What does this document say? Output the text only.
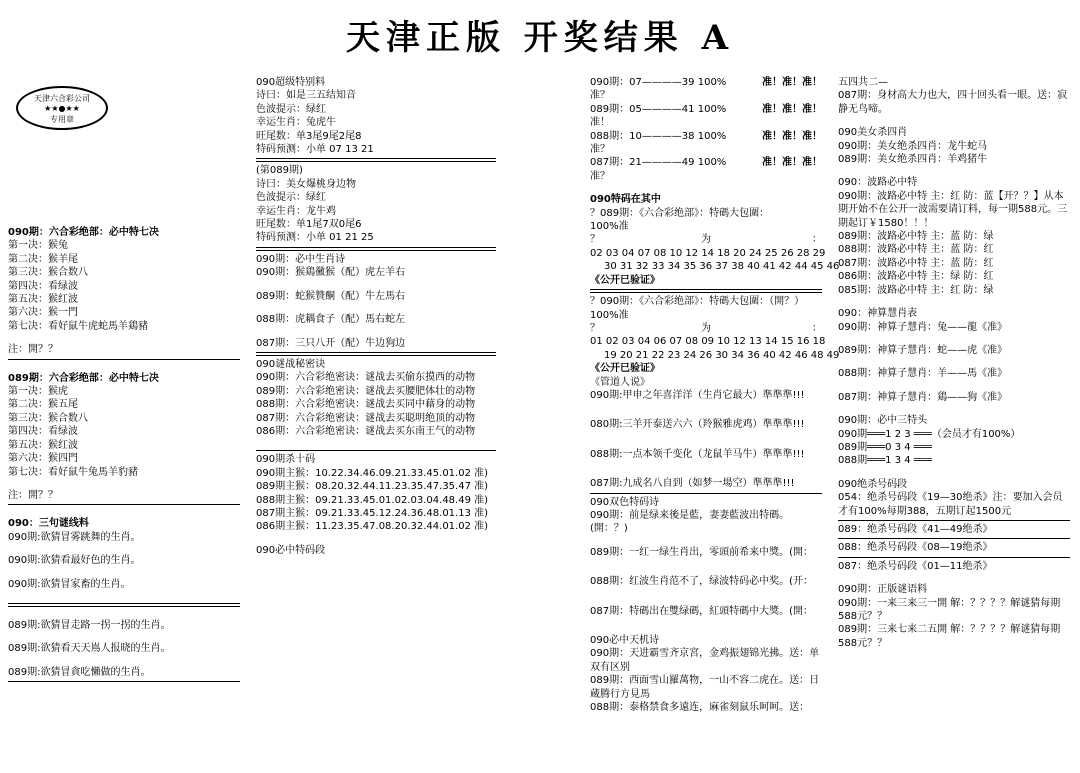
天津正版 开奖结果 A
天津六合彩公司
★★●★★
专用章
090期：六合彩绝部：必中特七决
第一决：猴兔
第二决：猴羊尾
第三决：猴合数八
第四决：看绿波
第五决：猴红波
第六决：猴一門
第七决：看好鼠牛虎蛇馬羊鶏豬
注：開？？
089期：六合彩绝部：必中特七决
第一决：猴虎
第二决：猴五尾
第三决：猴合数八
第四决：看绿波
第五决：猴红波
第六决：猴四門
第七决：看好鼠牛兔馬羊豹豬
注：開？？
090：三句谜线料
090期:欲猜冒雾跳舞的生肖。
090期:欲猜看最好色的生肖。
090期:欲猜冒家畜的生肖。
089期:欲猜冒走路一拐一拐的生肖。
089期:欲猜看天天嶌人报晓的生肖。
089期:欲猜冒貪吃懶做的生肖。
090超级特别料
诗曰：如是三五结知音
色波提示：绿红
幸运生肖：兔虎牛
旺尾数：单3尾9尾2尾8
特码预测：小单 07 13 21
(第089期)
诗曰：美女爆桃身边物
色波提示：绿红
幸运生肖：龙牛鸡
旺尾数：单1尾7双0尾6
特码预测：小单 01 21 25
090期：必中生肖诗
090期：猴鶏黴猴（配）虎左羊右
089期：蛇猴贊酮（配）牛左馬右
088期：虎耦食子（配）馬右蛇左
087期：三只八开（配）牛边狗边
090谜战秘密诀
090期：六合彩绝密诀：谜战去买偷东摸西的动物
089期：六合彩绝密诀：谜战去买腰肥体壮的动物
088期：六合彩绝密诀：谜战去买同中藉身的动物
087期：六合彩绝密诀：谜战去买聪明绝顶的动物
086期：六合彩绝密诀：谜战去买东南王气的动物
090期杀十码
090期主猴：10.22.34.46.09.21.33.45.01.02 准)
089期主猴：08.20.32.44.11.23.35.47.35.47 准)
088期主猴：09.21.33.45.01.02.03.04.48.49 准)
087期主猴：09.21.33.45.12.24.36.48.01.13 准)
086期主猴：11.23.35.47.08.20.32.44.01.02 准)
090必中特码段
090期：07————39 100%	准！准！准！
准？
089期：05————41 100%	准！准！准！
准！
088期：10————38 100%	准！准！准！
准？
087期：21————49 100%	准！准！准！
准？
090特码在其中
？089期：《六合彩绝部》：特碼大包圍：
100%准
？	为	：
02 03 04 07 08 10 12 14 18 20 24 25 26 28 29
30 31 32 33 34 35 36 37 38 40 41 42 44 45 46
《公开已验证》
？090期：《六合彩绝部》：特碼大包圍：（開？）
100%准
？	为	：
01 02 03 04 06 07 08 09 10 12 13 14 15 16 18
19 20 21 22 23 24 26 30 34 36 40 42 46 48 49
《公开已验证》
《管道人说》
090期:甲申之年喜洋洋（生肖它最大）準準準!!!
080期:三羊开泰送六六（羚猴雅虎鸡）準準準!!!
088期:一点本领千变化（龙鼠羊马牛）準準準!!!
087期:九成名八自到（如梦一場空）準準準!!!
090双色特码诗
090期：前是绿来後是藍，妻妻藍波出特碼。(開：？)
089期：一红一绿生肖出，零頭前希来中獎。(開：
088期：红波生肖范不了，绿波特码必中奖。(开：
087期：特碼出在雙绿碼，紅頭特碼中大獎。(開：
090必中天机诗
090期：天进霸雪齐京宮，金鸡振翅锦光拂。送：单双有区别
089期：西面雪山羅萬物，一山不容二虎在。送：日蔵腾行方見馬
088期：泰格禁食多遠连，麻雀刻鼠乐呵呵。送：
五四共二—
087期：身材高大力也大，四十回头看一眼。送：寂静无鸟啼。
090美女杀四肖
090期：美女绝杀四肖：龙牛蛇马
089期：美女绝杀四肖：羊鸡猪牛
090：波路必中特
090期：波路必中特 主：红 防：蓝【开？？】从本期开始不在公开一波需要请订料，每一期588元。三期起订￥1580！！！
089期：波路必中特 主：蓝 防：绿
088期：波路必中特 主：蓝 防：红
087期：波路必中特 主：蓝 防：红
086期：波路必中特 主：绿 防：红
085期：波路必中特 主：红 防：绿
090：神算慧肖表
090期：神算子慧肖：兔——龍《准》
089期：神算子慧肖：蛇——虎《准》
088期：神算子慧肖：羊——馬《准》
087期：神算子慧肖：鶏——狗《准》
090期：必中三特头
090期═══1 2 3 ═══（会员才有100%）
089期═══0 3 4 ═══
088期═══1 3 4 ═══
090绝杀号码段
054：绝杀号码段《19—30绝杀》注：要加入会员才有100%每期388，五期订起1500元
089：绝杀号码段《41—49绝杀》
088：绝杀号码段《08—19绝杀》
087：绝杀号码段《01—11绝杀》
090期：正版谜语料
090期：一来三来三一開 解：？？？？解谜猜每期588元？？
089期：三来七来二五開 解：？？？？解谜猜每期588元？？
